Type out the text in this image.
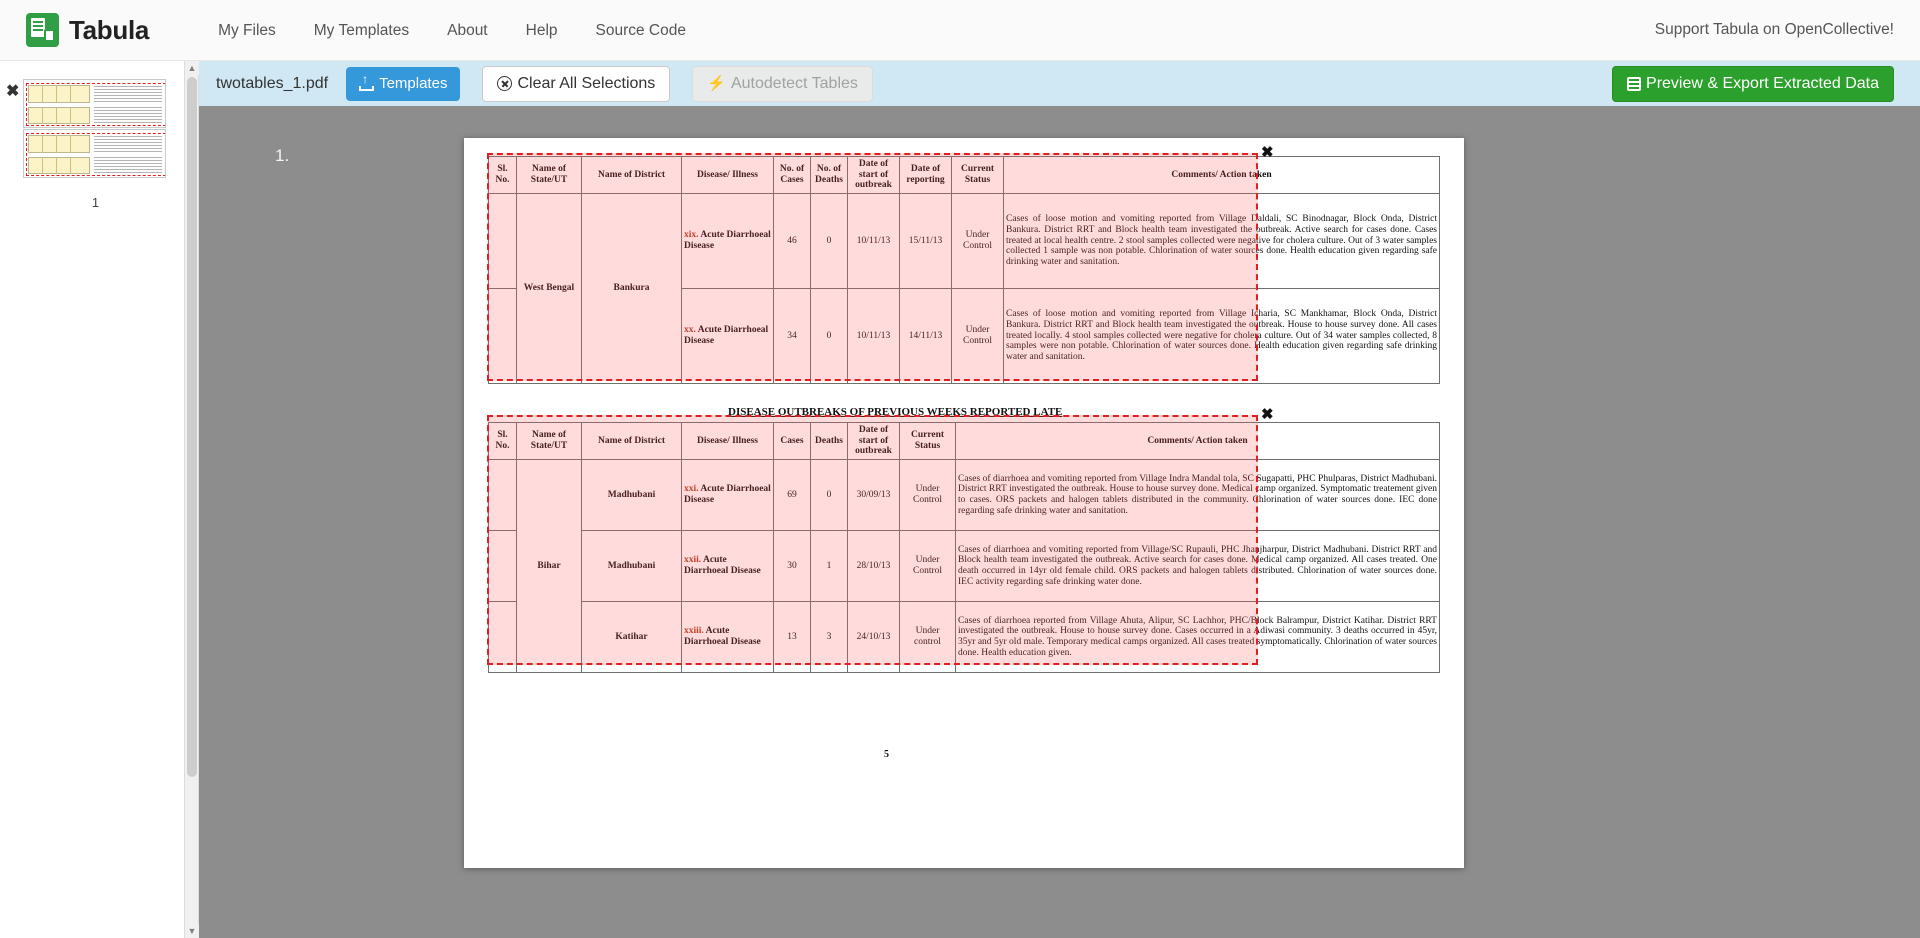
Tabula	My Files	My Templates	About	Help	Source Code	Support Tabula on OpenCollective!
✖
1
▲
▼
twotables_1.pdf ↑	Templates	Clear All Selections	⚡ Autodetect Tables	Preview & Export Extracted Data
1.
Sl. No.	Name of State/UT	Name of District	Disease/ Illness	No. of Cases	No. of Deaths	Date of start of outbreak	Date of reporting	Current Status	Comments/ Action taken
	West Bengal	Bankura	xix. Acute Diarrhoeal Disease	46	0	10/11/13	15/11/13	Under Control	Cases of loose motion and vomiting reported from Village Daldali, SC Binodnagar, Block Onda, District Bankura. District RRT and Block health team investigated the outbreak. Active search for cases done. Cases treated at local health centre. 2 stool samples collected were negative for cholera culture. Out of 3 water samples collected 1 sample was non potable. Chlorination of water sources done. Health education given regarding safe drinking water and sanitation.
			xx. Acute Diarrhoeal Disease	34	0	10/11/13	14/11/13	Under Control	Cases of loose motion and vomiting reported from Village Icharia, SC Mankhamar, Block Onda, District Bankura. District RRT and Block health team investigated the outbreak. House to house survey done. All cases treated locally. 4 stool samples collected were negative for cholera culture. Out of 34 water samples collected, 8 samples were non potable. Chlorination of water sources done. Health education given regarding safe drinking water and sanitation.
DISEASE OUTBREAKS OF PREVIOUS WEEKS REPORTED LATE
Sl. No.	Name of State/UT	Name of District	Disease/ Illness	Cases	Deaths	Date of start of outbreak	Current Status	Comments/ Action taken
	Bihar	Madhubani	xxi. Acute Diarrhoeal Disease	69	0	30/09/13	Under Control	Cases of diarrhoea and vomiting reported from Village Indra Mandal tola, SC Sugapatti, PHC Phulparas, District Madhubani. District RRT investigated the outbreak. House to house survey done. Medical camp organized. Symptomatic treatement given to cases. ORS packets and halogen tablets distributed in the community. Chlorination of water sources done. IEC done regarding safe drinking water and sanitation.
		Madhubani	xxii. Acute Diarrhoeal Disease	30	1	28/10/13	Under Control	Cases of diarrhoea and vomiting reported from Village/SC Rupauli, PHC Jhanjharpur, District Madhubani. District RRT and Block health team investigated the outbreak. Active search for cases done. Medical camp organized. All cases treated. One death occurred in 14yr old female child. ORS packets and halogen tablets distributed. Chlorination of water sources done. IEC activity regarding safe drinking water done.
		Katihar	xxiii. Acute Diarrhoeal Disease	13	3	24/10/13	Under control	Cases of diarrhoea reported from Village Ahuta, Alipur, SC Lachhor, PHC/Block Balrampur, District Katihar. District RRT investigated the outbreak. House to house survey done. Cases occurred in a Adiwasi community. 3 deaths occurred in 45yr, 35yr and 5yr old male. Temporary medical camps organized. All cases treated symptomatically. Chlorination of water sources done. Health education given.
5
✖
✖
